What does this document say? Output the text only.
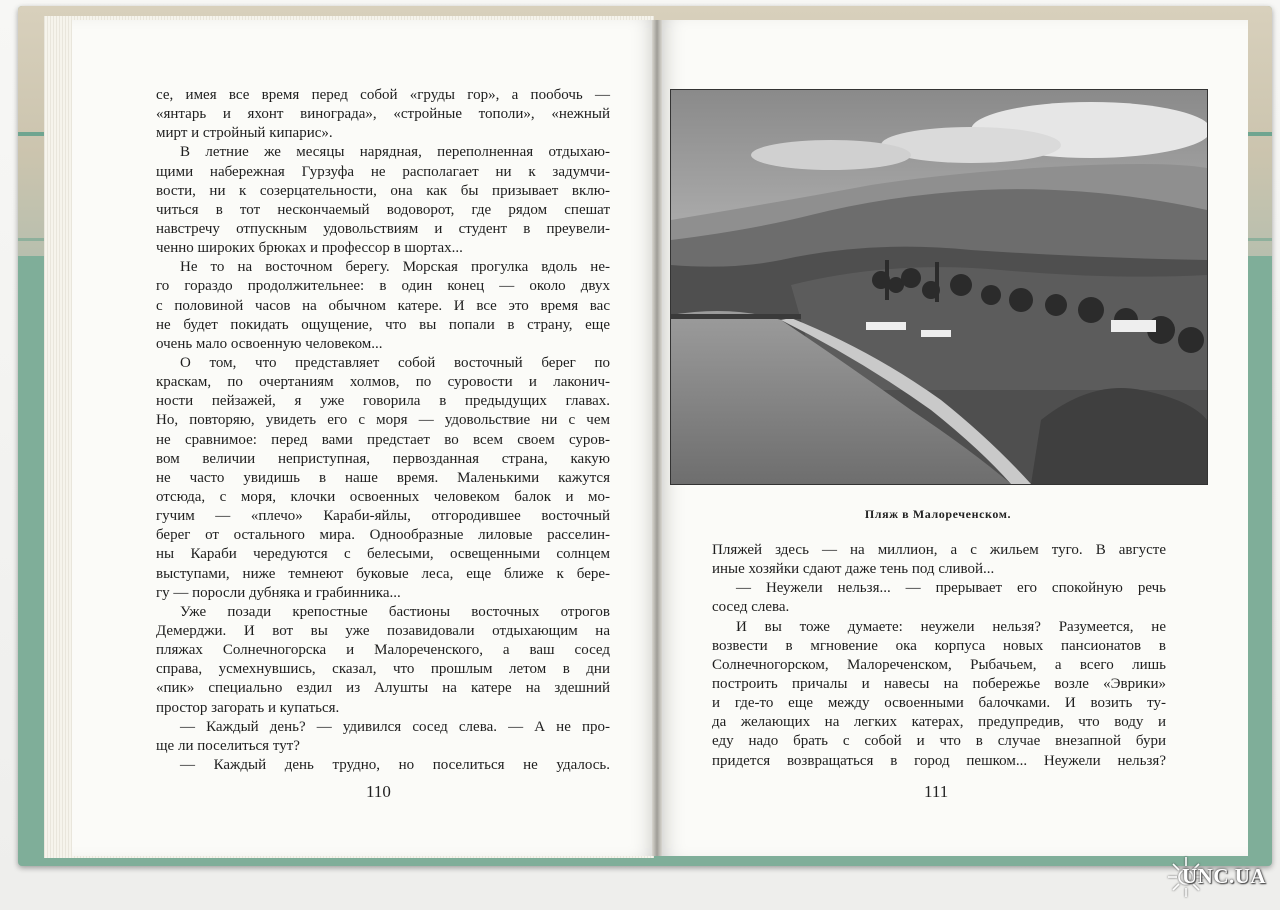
се, имея все время перед собой «груды гор», а пообочь —
«янтарь и яхонт винограда», «стройные тополи», «нежный
мирт и стройный кипарис».
В летние же месяцы нарядная, переполненная отдыхаю-
щими набережная Гурзуфа не располагает ни к задумчи-
вости, ни к созерцательности, она как бы призывает вклю-
читься в тот нескончаемый водоворот, где рядом спешат
навстречу отпускным удовольствиям и студент в преувели-
ченно широких брюках и профессор в шортах...
Не то на восточном берегу. Морская прогулка вдоль не-
го гораздо продолжительнее: в один конец — около двух
с половиной часов на обычном катере. И все это время вас
не будет покидать ощущение, что вы попали в страну, еще
очень мало освоенную человеком...
О том, что представляет собой восточный берег по
краскам, по очертаниям холмов, по суровости и лаконич-
ности пейзажей, я уже говорила в предыдущих главах.
Но, повторяю, увидеть его с моря — удовольствие ни с чем
не сравнимое: перед вами предстает во всем своем суров-
вом величии неприступная, первозданная страна, какую
не часто увидишь в наше время. Маленькими кажутся
отсюда, с моря, клочки освоенных человеком балок и мо-
гучим — «плечо» Караби-яйлы, отгородившее восточный
берег от остального мира. Однообразные лиловые расселин-
ны Караби чередуются с белесыми, освещенными солнцем
выступами, ниже темнеют буковые леса, еще ближе к бере-
гу — поросли дубняка и грабинника...
Уже позади крепостные бастионы восточных отрогов
Демерджи. И вот вы уже позавидовали отдыхающим на
пляжах Солнечногорска и Малореченского, а ваш сосед
справа, усмехнувшись, сказал, что прошлым летом в дни
«пик» специально ездил из Алушты на катере на здешний
простор загорать и купаться.
— Каждый день? — удивился сосед слева. — А не про-
ще ли поселиться тут?
— Каждый день трудно, но поселиться не удалось.
110
Пляж в Малореченском.
Пляжей здесь — на миллион, а с жильем туго. В августе
иные хозяйки сдают даже тень под сливой...
— Неужели нельзя... — прерывает его спокойную речь
сосед слева.
И вы тоже думаете: неужели нельзя? Разумеется, не
возвести в мгновение ока корпуса новых пансионатов в
Солнечногорском, Малореченском, Рыбачьем, а всего лишь
построить причалы и навесы на побережье возле «Эврики»
и где-то еще между освоенными балочками. И возить ту-
да желающих на легких катерах, предупредив, что воду и
еду надо брать с собой и что в случае внезапной бури
придется возвращаться в город пешком... Неужели нельзя?
111
UNC.UA
